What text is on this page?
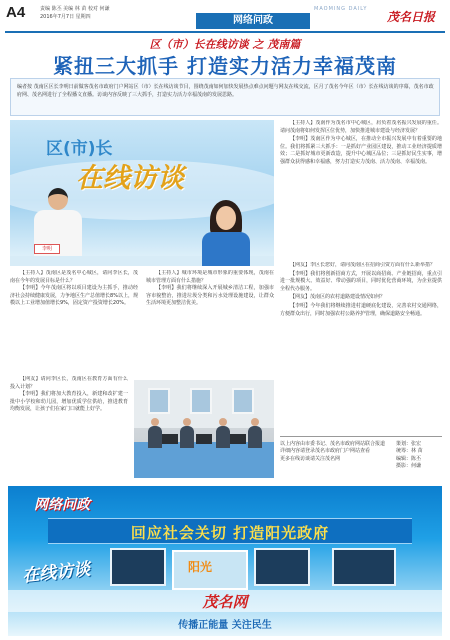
A4	责编 陈丕 美编 林 苗 校对 何谦
2016年7月7日 星期四	网络问政
MAOMING DAILY
茂名日报
区（市）长在线访谈 之 茂南篇
紧扭三大抓手 打造实力活力幸福茂南
编者按 茂南区区长李明日前做客茂名市政府门户网站区（市）长在线访谈节目，围绕茂南如何加快发展热点难点问题与网友在线交流，区月了茂名今年区（市）长在线访谈的序幕，茂名市政府网、茂名网进行了全程播文直播。访谈内容反映了三大抓手，打造实力活力幸福茂南的发展思路。
区(市)长
在线访谈
李明

【主持人】茂南作为茂名市中心城区，肩负着茂名振兴发展的重任。请问茂南将如何发挥区位优势，加快推进城市建设与经济发展？

【李明】茂南区作为中心城区，在推动全市振兴发展中有着重要的地位。我们将抓紧三大抓手：一是抓好产业园区建设，推动工业经济提质增效；二是抓好城市更新改造，提升中心城区品位；三是抓好民生实事，增强群众获得感和幸福感，努力打造实力茂南、活力茂南、幸福茂南。

【主持人】茂南区是茂名中心城区，请问李区长，茂南在今年的发展目标是什么？

【李明】今年茂南区将以项目建设为主抓手，推动经济社会持续健康发展，力争地区生产总值增长8%以上，规模以上工业增加值增长9%，固定资产投资增长20%。

【主持人】城市环境是城市形象的重要体现，茂南在城市管理方面有什么措施？

【李明】我们将继续深入开展城乡清洁工程，加强市容市貌整治，推进垃圾分类和污水处理设施建设，让群众生活环境更加整洁优美。

【网友】李区长您好，请问茂南区在招商引资方面有什么新举措？

【李明】我们将创新招商方式，开展以商招商、产业链招商，重点引进一批规模大、效益好、带动强的项目，同时优化营商环境，为企业提供全程代办服务。

【网友】茂南区的农村道路建设情况如何？

【李明】今年我们将继续推进村道硬底化建设，完善农村交通网络，方便群众出行，同时加强农村公路养护管理，确保道路安全畅通。

【网友】请问李区长，茂南区在教育方面有什么投入计划？

【李明】我们将加大教育投入，新建和改扩建一批中小学校和幼儿园，增加优质学位供给，推进教育均衡发展，让孩子们在家门口就能上好学。

以上内容由市委书记、茂名市政府网站联合报道
详细内容请登录茂名市政府门户网站查看
更多在线访谈请关注茂名网
策划：张宏
统筹：林 苗
编辑：陈丕
摄影：何谦
网络问政
回应社会关切 打造阳光政府
在线访谈	阳光
茂名网
传播正能量 关注民生
